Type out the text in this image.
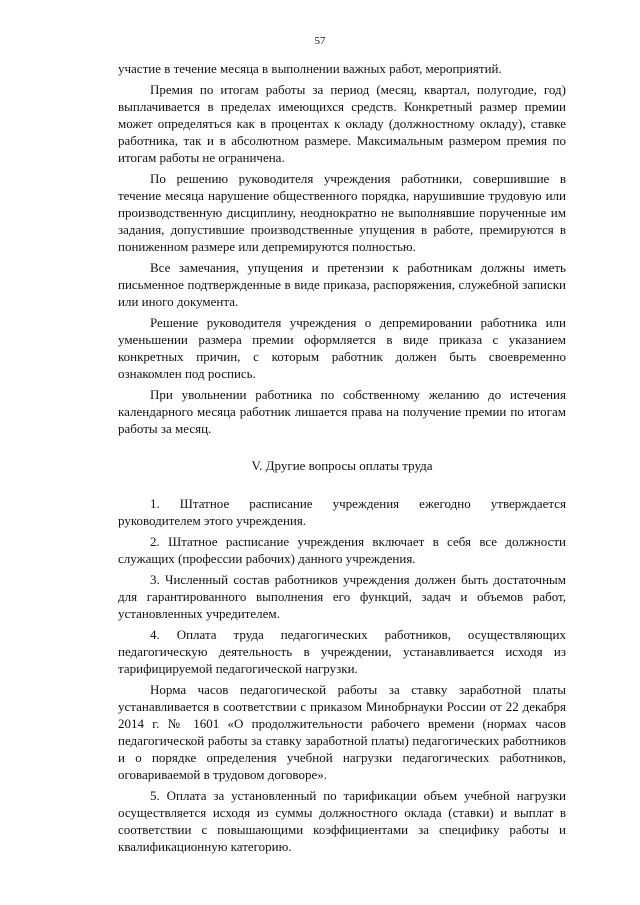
57

участие в течение месяца в выполнении важных работ, мероприятий.

Премия по итогам работы за период (месяц, квартал, полугодие, год) выплачивается в пределах имеющихся средств. Конкретный размер премии может определяться как в процентах к окладу (должностному окладу), ставке работника, так и в абсолютном размере. Максимальным размером премия по итогам работы не ограничена.

По решению руководителя учреждения работники, совершившие в течение месяца нарушение общественного порядка, нарушившие трудовую или производственную дисциплину, неоднократно не выполнявшие порученные им задания, допустившие производственные упущения в работе, премируются в пониженном размере или депремируются полностью.

Все замечания, упущения и претензии к работникам должны иметь письменное подтвержденные в виде приказа, распоряжения, служебной записки или иного документа.

Решение руководителя учреждения о депремировании работника или уменьшении размера премии оформляется в виде приказа с указанием конкретных причин, с которым работник должен быть своевременно ознакомлен под роспись.

При увольнении работника по собственному желанию до истечения календарного месяца работник лишается права на получение премии по итогам работы за месяц.

V. Другие вопросы оплаты труда

1. Штатное расписание учреждения ежегодно утверждается руководителем этого учреждения.

2. Штатное расписание учреждения включает в себя все должности служащих (профессии рабочих) данного учреждения.

3. Численный состав работников учреждения должен быть достаточным для гарантированного выполнения его функций, задач и объемов работ, установленных учредителем.

4. Оплата труда педагогических работников, осуществляющих педагогическую деятельность в учреждении, устанавливается исходя из тарифицируемой педагогической нагрузки.

Норма часов педагогической работы за ставку заработной платы устанавливается в соответствии с приказом Минобрнауки России от 22 декабря 2014 г. № 1601 «О продолжительности рабочего времени (нормах часов педагогической работы за ставку заработной платы) педагогических работников и о порядке определения учебной нагрузки педагогических работников, оговариваемой в трудовом договоре».

5. Оплата за установленный по тарификации объем учебной нагрузки осуществляется исходя из суммы должностного оклада (ставки) и выплат в соответствии с повышающими коэффициентами за специфику работы и квалификационную категорию.
